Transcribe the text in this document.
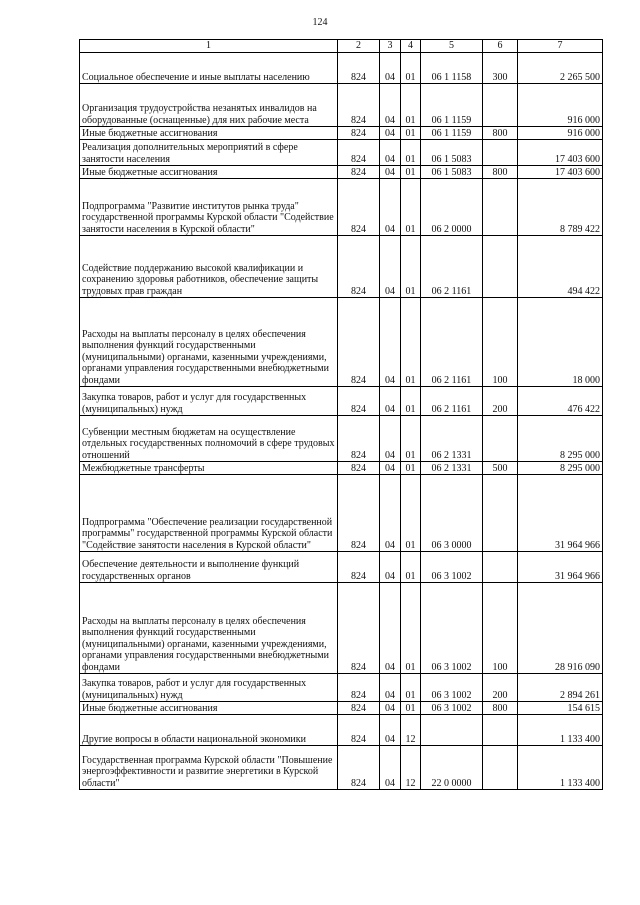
124
1	2	3	4	5	6	7
Социальное обеспечение и иные выплаты населению	824	04	01	06 1 1158	300	2 265 500
Организация трудоустройства незанятых инвалидов на оборудованные (оснащенные) для них рабочие места	824	04	01	06 1 1159		916 000
Иные бюджетные ассигнования	824	04	01	06 1 1159	800	916 000
Реализация дополнительных мероприятий в сфере занятости населения	824	04	01	06 1 5083		17 403 600
Иные бюджетные ассигнования	824	04	01	06 1 5083	800	17 403 600
Подпрограмма "Развитие институтов рынка труда" государственной программы Курской области "Содействие занятости населения в Курской области"	824	04	01	06 2 0000		8 789 422
Содействие поддержанию высокой квалификации и сохранению здоровья работников, обеспечение защиты трудовых прав граждан	824	04	01	06 2 1161		494 422
Расходы на выплаты персоналу в целях обеспечения выполнения функций государственными (муниципальными) органами, казенными учреждениями, органами управления государственными внебюджетными фондами	824	04	01	06 2 1161	100	18 000
Закупка товаров, работ и услуг для государственных (муниципальных) нужд	824	04	01	06 2 1161	200	476 422
Субвенции местным бюджетам на осуществление отдельных государственных полномочий в сфере трудовых отношений	824	04	01	06 2 1331		8 295 000
Межбюджетные трансферты	824	04	01	06 2 1331	500	8 295 000
Подпрограмма "Обеспечение реализации государственной программы" государственной программы Курской области "Содействие занятости населения в Курской области"	824	04	01	06 3 0000		31 964 966
Обеспечение деятельности и выполнение функций государственных органов	824	04	01	06 3 1002		31 964 966
Расходы на выплаты персоналу в целях обеспечения выполнения функций государственными (муниципальными) органами, казенными учреждениями, органами управления государственными внебюджетными фондами	824	04	01	06 3 1002	100	28 916 090
Закупка товаров, работ и услуг для государственных (муниципальных) нужд	824	04	01	06 3 1002	200	2 894 261
Иные бюджетные ассигнования	824	04	01	06 3 1002	800	154 615
Другие вопросы в области национальной экономики	824	04	12			1 133 400
Государственная программа Курской области "Повышение энергоэффективности и развитие энергетики в Курской области"	824	04	12	22 0 0000		1 133 400
